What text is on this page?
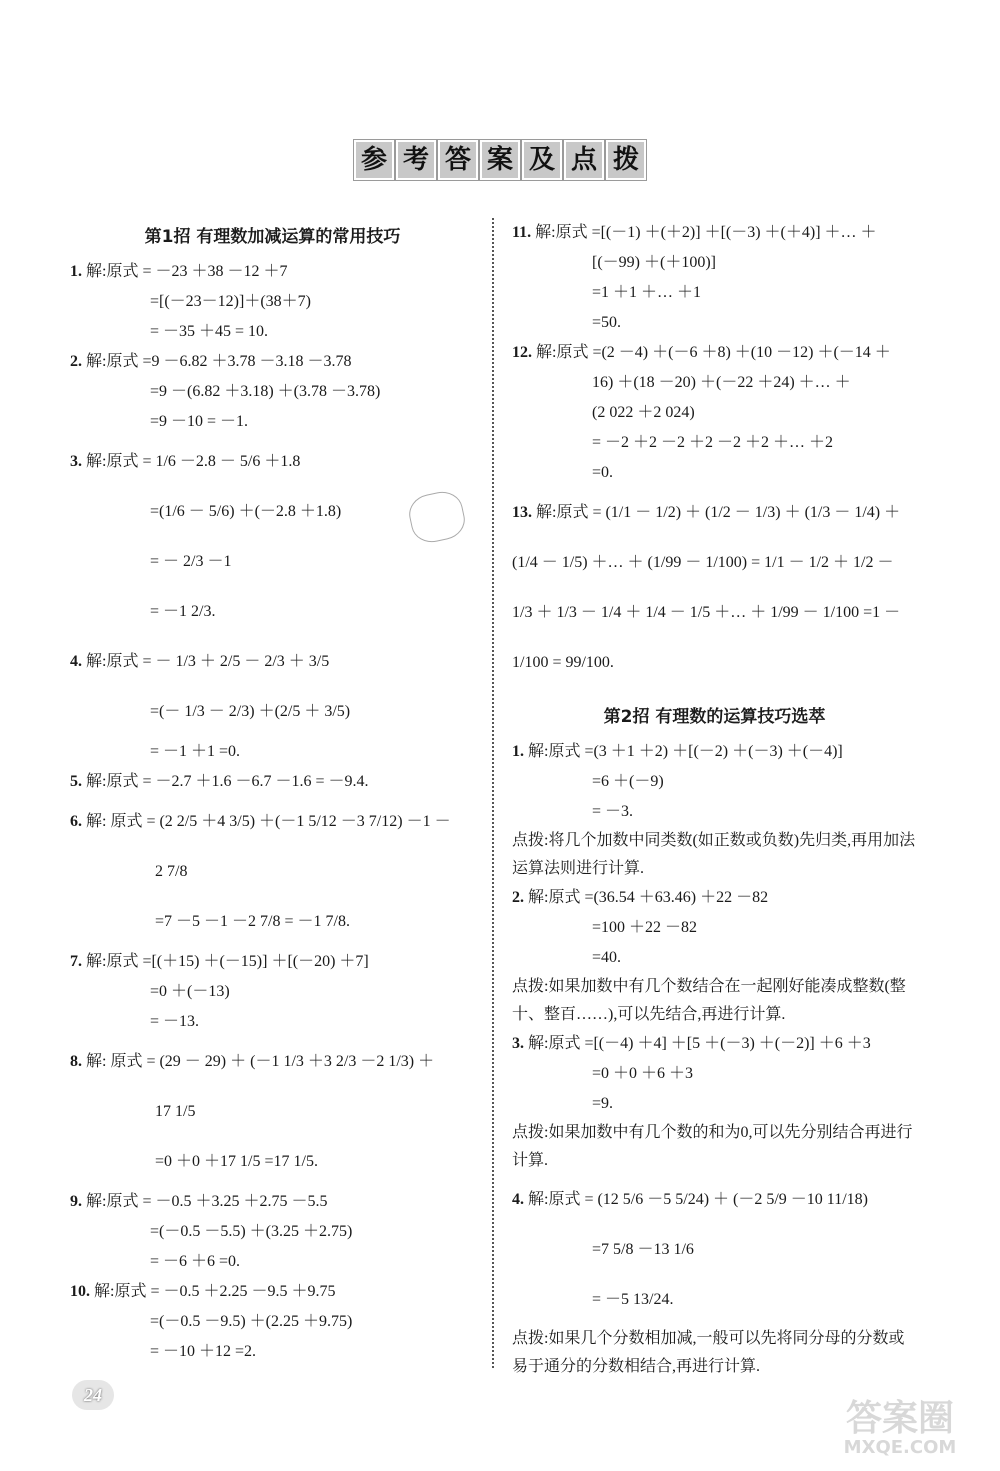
参 考 答 案 及 点 拨
第1招 有理数加减运算的常用技巧
1. 解:原式 = －23 ＋38 －12 ＋7
=[(－23－12)]＋(38＋7)
= －35 ＋45 = 10.
2. 解:原式 =9 －6.82 ＋3.78 －3.18 －3.78
=9 －(6.82 ＋3.18) ＋(3.78 －3.78)
=9 －10 = －1.
3. 解:原式 = 1/6 －2.8 － 5/6 ＋1.8
=(1/6 － 5/6) ＋(－2.8 ＋1.8)
= － 2/3 －1
= －1 2/3.
4. 解:原式 = － 1/3 ＋ 2/5 － 2/3 ＋ 3/5
=(－ 1/3 － 2/3) ＋(2/5 ＋ 3/5)
= －1 ＋1 =0.
5. 解:原式 = －2.7 ＋1.6 －6.7 －1.6 = －9.4.
6. 解: 原式 = (2 2/5 ＋4 3/5) ＋(－1 5/12 －3 7/12) －1 －
2 7/8
=7 －5 －1 －2 7/8 = －1 7/8.
7. 解:原式 =[(＋15) ＋(－15)] ＋[(－20) ＋7]
=0 ＋(－13)
= －13.
8. 解: 原式 = (29 － 29) ＋ (－1 1/3 ＋3 2/3 －2 1/3) ＋
17 1/5
=0 ＋0 ＋17 1/5 =17 1/5.
9. 解:原式 = －0.5 ＋3.25 ＋2.75 －5.5
=(－0.5 －5.5) ＋(3.25 ＋2.75)
= －6 ＋6 =0.
10. 解:原式 = －0.5 ＋2.25 －9.5 ＋9.75
=(－0.5 －9.5) ＋(2.25 ＋9.75)
= －10 ＋12 =2.
11. 解:原式 =[(－1) ＋(＋2)] ＋[(－3) ＋(＋4)] ＋… ＋
[(－99) ＋(＋100)]
=1 ＋1 ＋… ＋1
=50.
12. 解:原式 =(2 －4) ＋(－6 ＋8) ＋(10 －12) ＋(－14 ＋
16) ＋(18 －20) ＋(－22 ＋24) ＋… ＋
(2 022 ＋2 024)
= －2 ＋2 －2 ＋2 －2 ＋2 ＋… ＋2
=0.
13. 解:原式 = (1/1 － 1/2) ＋ (1/2 － 1/3) ＋ (1/3 － 1/4) ＋
(1/4 － 1/5) ＋… ＋ (1/99 － 1/100) = 1/1 － 1/2 ＋ 1/2 －
1/3 ＋ 1/3 － 1/4 ＋ 1/4 － 1/5 ＋… ＋ 1/99 － 1/100 =1 －
1/100 = 99/100.
第2招 有理数的运算技巧选萃
1. 解:原式 =(3 ＋1 ＋2) ＋[(－2) ＋(－3) ＋(－4)]
=6 ＋(－9)
= －3.
点拨:将几个加数中同类数(如正数或负数)先归类,再用加法运算法则进行计算.
2. 解:原式 =(36.54 ＋63.46) ＋22 －82
=100 ＋22 －82
=40.
点拨:如果加数中有几个数结合在一起刚好能凑成整数(整十、整百……),可以先结合,再进行计算.
3. 解:原式 =[(－4) ＋4] ＋[5 ＋(－3) ＋(－2)] ＋6 ＋3
=0 ＋0 ＋6 ＋3
=9.
点拨:如果加数中有几个数的和为0,可以先分别结合再进行计算.
4. 解:原式 = (12 5/6 －5 5/24) ＋ (－2 5/9 －10 11/18)
=7 5/8 －13 1/6
= －5 13/24.
点拨:如果几个分数相加减,一般可以先将同分母的分数或易于通分的分数相结合,再进行计算.
24
答案圈
MXQE.COM
